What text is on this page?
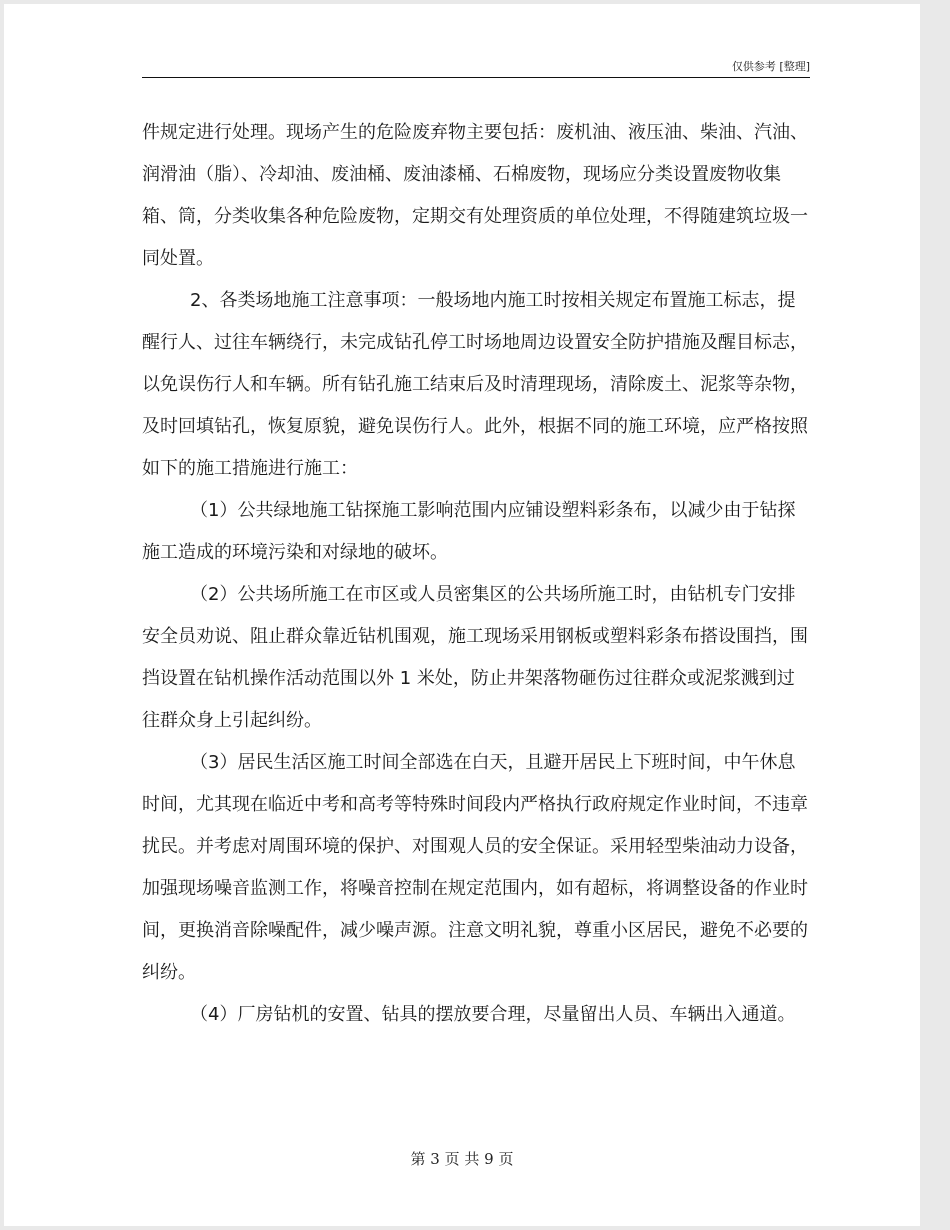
仅供参考 [整理]

件规定进行处理。现场产生的危险废弃物主要包括：废机油、液压油、柴油、汽油、润滑油（脂）、冷却油、废油桶、废油漆桶、石棉废物，现场应分类设置废物收集箱、筒，分类收集各种危险废物，定期交有处理资质的单位处理，不得随建筑垃圾一同处置。

2、各类场地施工注意事项：一般场地内施工时按相关规定布置施工标志，提醒行人、过往车辆绕行，未完成钻孔停工时场地周边设置安全防护措施及醒目标志，以免误伤行人和车辆。所有钻孔施工结束后及时清理现场，清除废土、泥浆等杂物，及时回填钻孔，恢复原貌，避免误伤行人。此外，根据不同的施工环境，应严格按照如下的施工措施进行施工：

（1）公共绿地施工钻探施工影响范围内应铺设塑料彩条布，以减少由于钻探施工造成的环境污染和对绿地的破坏。

（2）公共场所施工在市区或人员密集区的公共场所施工时，由钻机专门安排安全员劝说、阻止群众靠近钻机围观，施工现场采用钢板或塑料彩条布搭设围挡，围挡设置在钻机操作活动范围以外 1 米处，防止井架落物砸伤过往群众或泥浆溅到过往群众身上引起纠纷。

（3）居民生活区施工时间全部选在白天，且避开居民上下班时间，中午休息时间，尤其现在临近中考和高考等特殊时间段内严格执行政府规定作业时间，不违章扰民。并考虑对周围环境的保护、对围观人员的安全保证。采用轻型柴油动力设备，加强现场噪音监测工作，将噪音控制在规定范围内，如有超标，将调整设备的作业时间，更换消音除噪配件，减少噪声源。注意文明礼貌，尊重小区居民，避免不必要的纠纷。

（4）厂房钻机的安置、钻具的摆放要合理，尽量留出人员、车辆出入通道。

第 3 页 共 9 页
